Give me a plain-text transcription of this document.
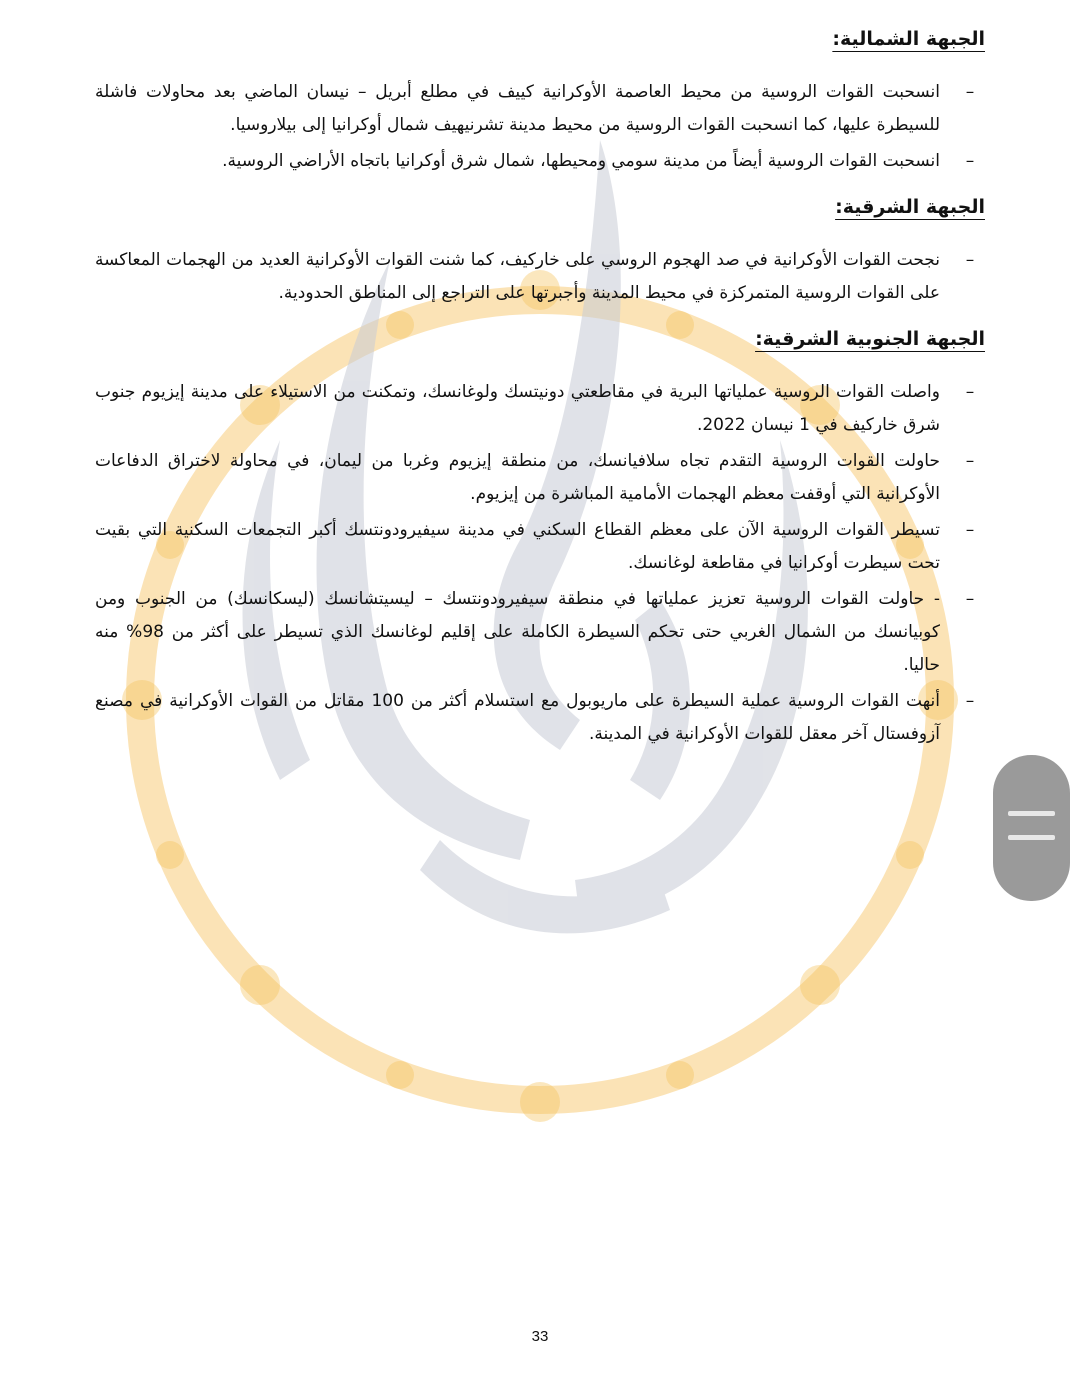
الجبهة الشمالية:
–
انسحبت القوات الروسية من محيط العاصمة الأوكرانية كييف في مطلع أبريل – نيسان الماضي بعد محاولات فاشلة للسيطرة عليها، كما انسحبت القوات الروسية من محيط مدينة تشرنيهيف شمال أوكرانيا إلى بيلاروسيا.
–
انسحبت القوات الروسية أيضاً من مدينة سومي ومحيطها، شمال شرق أوكرانيا باتجاه الأراضي الروسية.
الجبهة الشرقية:
–
نجحت القوات الأوكرانية في صد الهجوم الروسي على خاركيف، كما شنت القوات الأوكرانية العديد من الهجمات المعاكسة على القوات الروسية المتمركزة في محيط المدينة وأجبرتها على التراجع إلى المناطق الحدودية.
الجبهة الجنوبية الشرقية:
–
واصلت القوات الروسية عملياتها البرية في مقاطعتي دونيتسك ولوغانسك، وتمكنت من الاستيلاء على مدينة إيزيوم جنوب شرق خاركيف في 1 نيسان 2022.
–
حاولت القوات الروسية التقدم تجاه سلافيانسك، من منطقة إيزيوم وغربا من ليمان، في محاولة لاختراق الدفاعات الأوكرانية التي أوقفت معظم الهجمات الأمامية المباشرة من إيزيوم.
–
تسيطر القوات الروسية الآن على معظم القطاع السكني في مدينة سيفيرودونتسك أكبر التجمعات السكنية التي بقيت تحت سيطرت أوكرانيا في مقاطعة لوغانسك.
–
- حاولت القوات الروسية تعزيز عملياتها في منطقة سيفيرودونتسك – ليسيتشانسك (ليسكانسك) من الجنوب ومن كوبيانسك من الشمال الغربي حتى تحكم السيطرة الكاملة على إقليم لوغانسك الذي تسيطر على أكثر من 98% منه حاليا.
–
أنهت القوات الروسية عملية السيطرة على ماريوبول مع استسلام أكثر من 100 مقاتل من القوات الأوكرانية في مصنع آزوفستال آخر معقل للقوات الأوكرانية في المدينة.
33
